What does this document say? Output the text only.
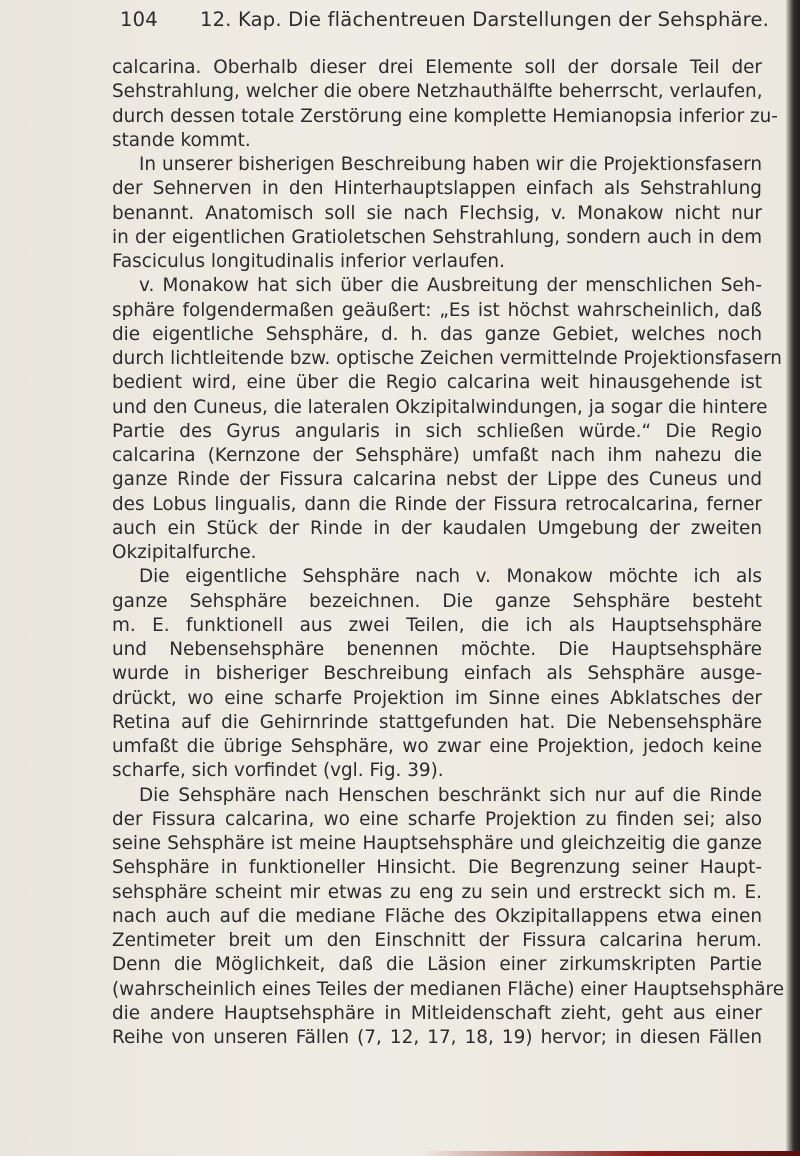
104 12. Kap. Die flächentreuen Darstellungen der Sehsphäre.
calcarina. Oberhalb dieser drei Elemente soll der dorsale Teil der
Sehstrahlung, welcher die obere Netzhauthälfte beherrscht, verlaufen,
durch dessen totale Zerstörung eine komplette Hemianopsia inferior zu-
stande kommt.
In unserer bisherigen Beschreibung haben wir die Projektionsfasern
der Sehnerven in den Hinterhauptslappen einfach als Sehstrahlung
benannt. Anatomisch soll sie nach Flechsig, v. Monakow nicht nur
in der eigentlichen Gratioletschen Sehstrahlung, sondern auch in dem
Fasciculus longitudinalis inferior verlaufen.
v. Monakow hat sich über die Ausbreitung der menschlichen Seh-
sphäre folgendermaßen geäußert: „Es ist höchst wahrscheinlich, daß
die eigentliche Sehsphäre, d. h. das ganze Gebiet, welches noch
durch lichtleitende bzw. optische Zeichen vermittelnde Projektionsfasern
bedient wird, eine über die Regio calcarina weit hinausgehende ist
und den Cuneus, die lateralen Okzipitalwindungen, ja sogar die hintere
Partie des Gyrus angularis in sich schließen würde.“ Die Regio
calcarina (Kernzone der Sehsphäre) umfaßt nach ihm nahezu die
ganze Rinde der Fissura calcarina nebst der Lippe des Cuneus und
des Lobus lingualis, dann die Rinde der Fissura retrocalcarina, ferner
auch ein Stück der Rinde in der kaudalen Umgebung der zweiten
Okzipitalfurche.
Die eigentliche Sehsphäre nach v. Monakow möchte ich als
ganze Sehsphäre bezeichnen. Die ganze Sehsphäre besteht
m. E. funktionell aus zwei Teilen, die ich als Hauptsehsphäre
und Nebensehsphäre benennen möchte. Die Hauptsehsphäre
wurde in bisheriger Beschreibung einfach als Sehsphäre ausge-
drückt, wo eine scharfe Projektion im Sinne eines Abklatsches der
Retina auf die Gehirnrinde stattgefunden hat. Die Nebensehsphäre
umfaßt die übrige Sehsphäre, wo zwar eine Projektion, jedoch keine
scharfe, sich vorfindet (vgl. Fig. 39).
Die Sehsphäre nach Henschen beschränkt sich nur auf die Rinde
der Fissura calcarina, wo eine scharfe Projektion zu finden sei; also
seine Sehsphäre ist meine Hauptsehsphäre und gleichzeitig die ganze
Sehsphäre in funktioneller Hinsicht. Die Begrenzung seiner Haupt-
sehsphäre scheint mir etwas zu eng zu sein und erstreckt sich m. E.
nach auch auf die mediane Fläche des Okzipitallappens etwa einen
Zentimeter breit um den Einschnitt der Fissura calcarina herum.
Denn die Möglichkeit, daß die Läsion einer zirkumskripten Partie
(wahrscheinlich eines Teiles der medianen Fläche) einer Hauptsehsphäre
die andere Hauptsehsphäre in Mitleidenschaft zieht, geht aus einer
Reihe von unseren Fällen (7, 12, 17, 18, 19) hervor; in diesen Fällen
